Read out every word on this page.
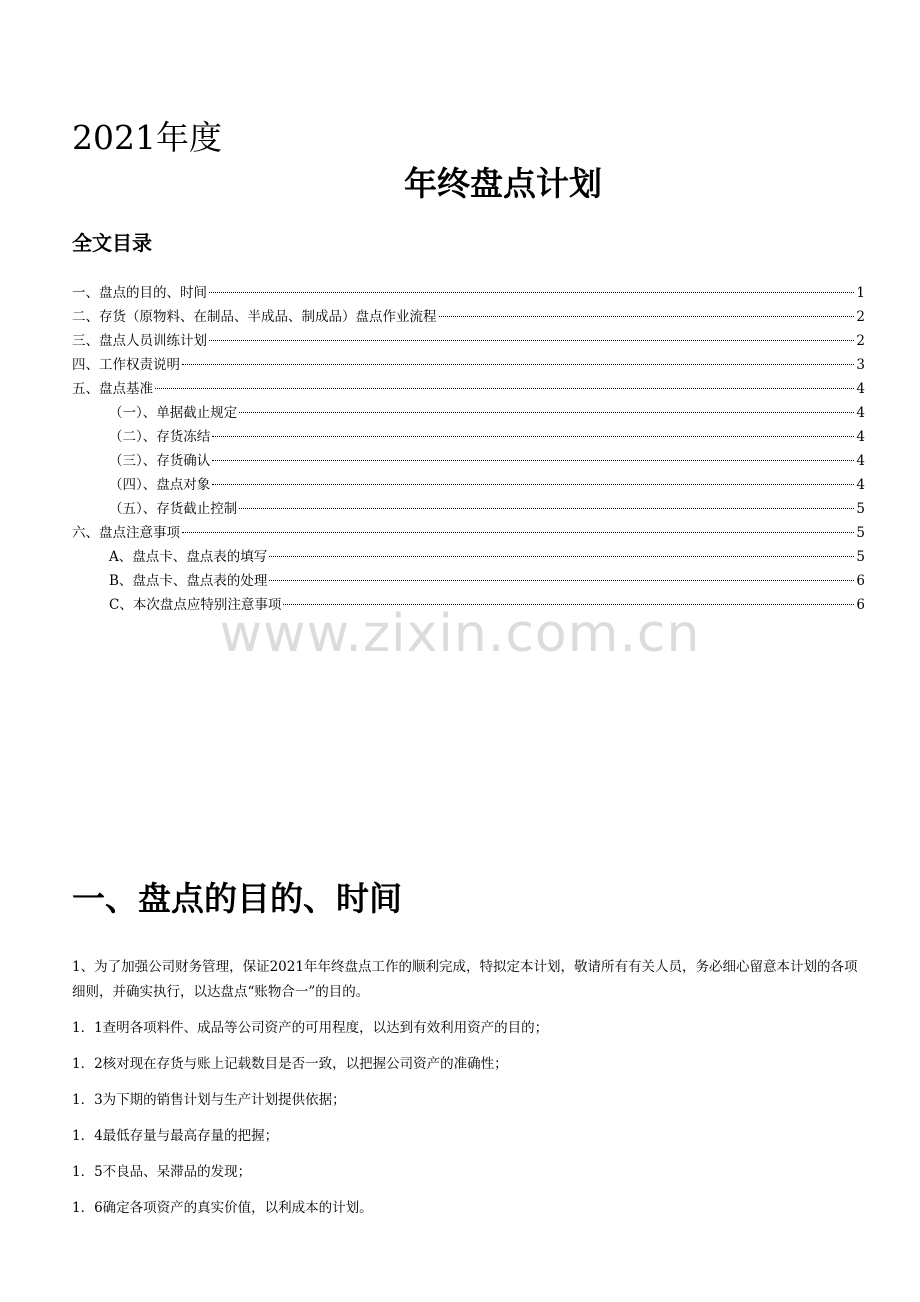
2021年度
年终盘点计划
全文目录
一、盘点的目的、时间	1
二、存货（原物料、在制品、半成品、制成品）盘点作业流程	2
三、盘点人员训练计划	2
四、工作权责说明	3
五、盘点基准	4
（一）、单据截止规定	4
（二）、存货冻结	4
（三）、存货确认	4
（四）、盘点对象	4
（五）、存货截止控制	5
六、盘点注意事项	5
A、盘点卡、盘点表的填写	5
B、盘点卡、盘点表的处理	6
C、本次盘点应特别注意事项	6
www.zixin.com.cn
一、盘点的目的、时间

1、为了加强公司财务管理，保证2021年年终盘点工作的顺利完成，特拟定本计划，敬请所有有关人员，务必细心留意本计划的各项细则，并确实执行，以达盘点“账物合一”的目的。

1．1查明各项料件、成品等公司资产的可用程度，以达到有效利用资产的目的；

1．2核对现在存货与账上记载数目是否一致，以把握公司资产的准确性；

1．3为下期的销售计划与生产计划提供依据；

1．4最低存量与最高存量的把握；

1．5不良品、呆滞品的发现；

1．6确定各项资产的真实价值，以利成本的计划。
